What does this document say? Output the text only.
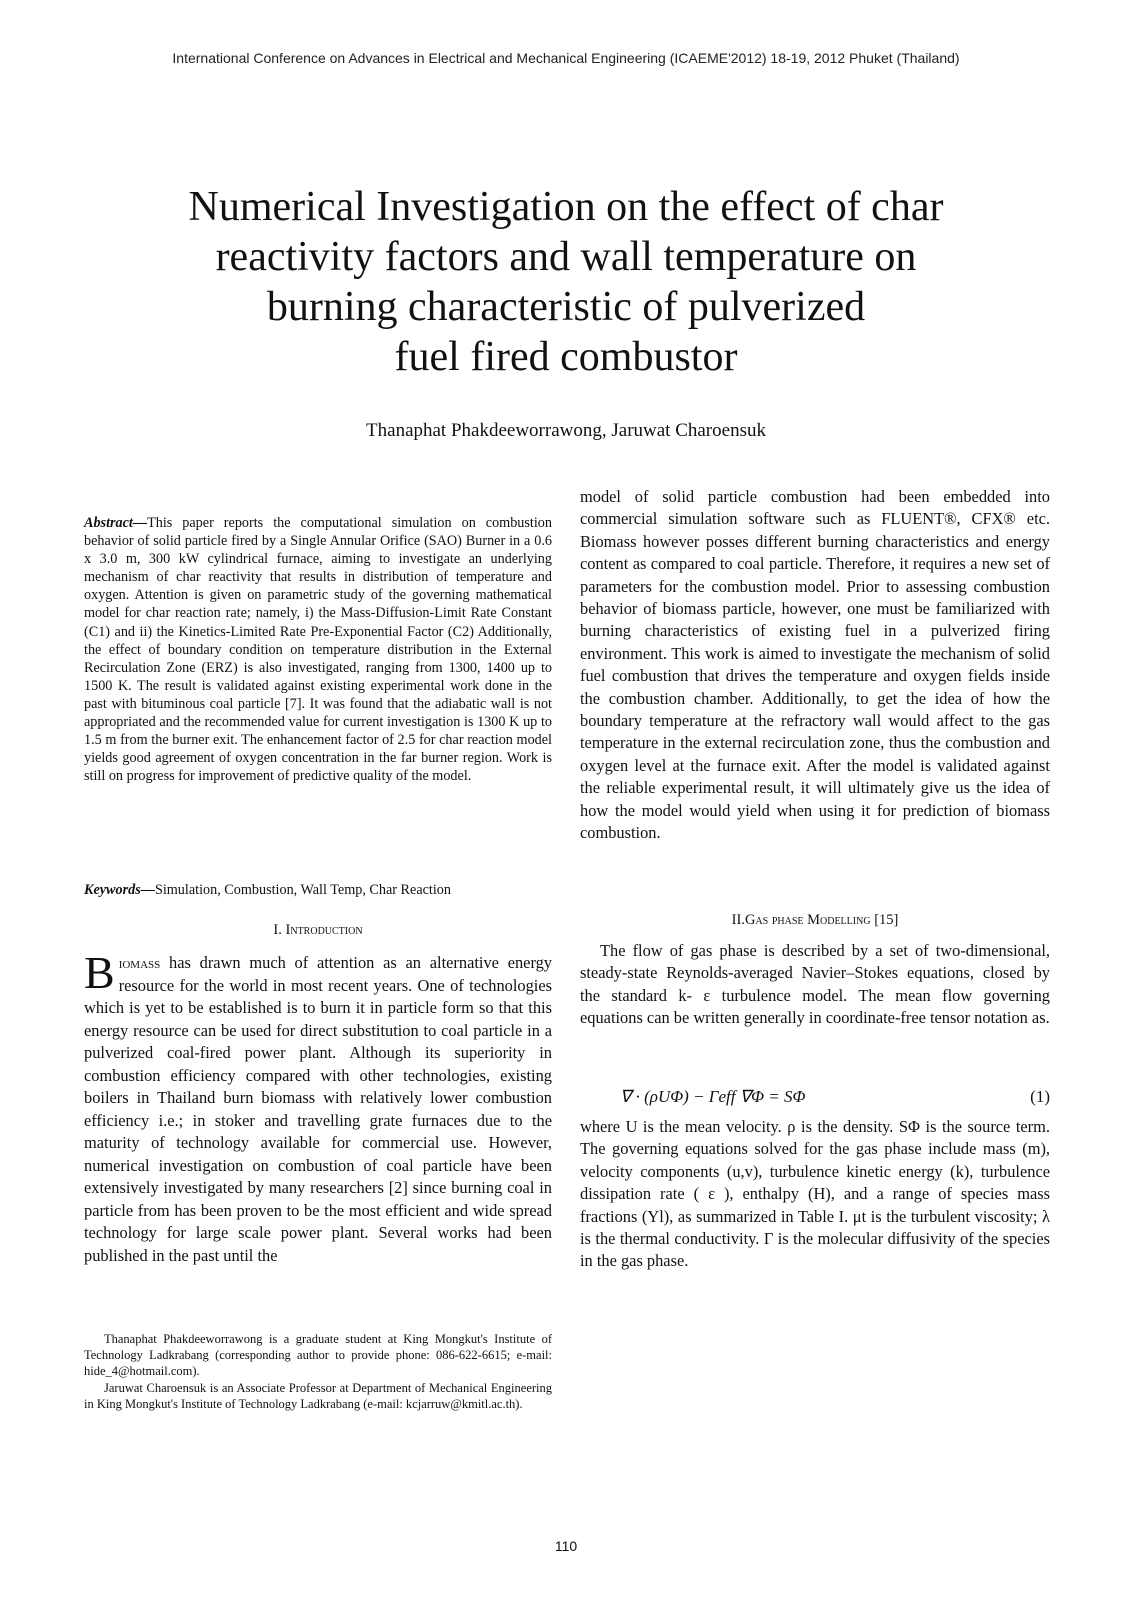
International Conference on Advances in Electrical and Mechanical Engineering (ICAEME'2012) 18-19, 2012 Phuket (Thailand)
Numerical Investigation on the effect of char
reactivity factors and wall temperature on
burning characteristic of pulverized
fuel fired combustor
Thanaphat Phakdeeworrawong, Jaruwat Charoensuk
Abstract—This paper reports the computational simulation on combustion behavior of solid particle fired by a Single Annular Orifice (SAO) Burner in a 0.6 x 3.0 m, 300 kW cylindrical furnace, aiming to investigate an underlying mechanism of char reactivity that results in distribution of temperature and oxygen. Attention is given on parametric study of the governing mathematical model for char reaction rate; namely, i) the Mass-Diffusion-Limit Rate Constant (C1) and ii) the Kinetics-Limited Rate Pre-Exponential Factor (C2) Additionally, the effect of boundary condition on temperature distribution in the External Recirculation Zone (ERZ) is also investigated, ranging from 1300, 1400 up to 1500 K. The result is validated against existing experimental work done in the past with bituminous coal particle [7]. It was found that the adiabatic wall is not appropriated and the recommended value for current investigation is 1300 K up to 1.5 m from the burner exit. The enhancement factor of 2.5 for char reaction model yields good agreement of oxygen concentration in the far burner region. Work is still on progress for improvement of predictive quality of the model.
Keywords—Simulation, Combustion, Wall Temp, Char Reaction
I. Introduction
Biomass has drawn much of attention as an alternative energy resource for the world in most recent years. One of technologies which is yet to be established is to burn it in particle form so that this energy resource can be used for direct substitution to coal particle in a pulverized coal-fired power plant. Although its superiority in combustion efficiency compared with other technologies, existing boilers in Thailand burn biomass with relatively lower combustion efficiency i.e.; in stoker and travelling grate furnaces due to the maturity of technology available for commercial use. However, numerical investigation on combustion of coal particle have been extensively investigated by many researchers [2] since burning coal in particle from has been proven to be the most efficient and wide spread technology for large scale power plant. Several works had been published in the past until the

Thanaphat Phakdeeworrawong is a graduate student at King Mongkut's Institute of Technology Ladkrabang (corresponding author to provide phone: 086-622-6615; e-mail: hide_4@hotmail.com).

Jaruwat Charoensuk is an Associate Professor at Department of Mechanical Engineering in King Mongkut's Institute of Technology Ladkrabang (e-mail: kcjarruw@kmitl.ac.th).

model of solid particle combustion had been embedded into commercial simulation software such as FLUENT®, CFX® etc. Biomass however posses different burning characteristics and energy content as compared to coal particle. Therefore, it requires a new set of parameters for the combustion model. Prior to assessing combustion behavior of biomass particle, however, one must be familiarized with burning characteristics of existing fuel in a pulverized firing environment. This work is aimed to investigate the mechanism of solid fuel combustion that drives the temperature and oxygen fields inside the combustion chamber. Additionally, to get the idea of how the boundary temperature at the refractory wall would affect to the gas temperature in the external recirculation zone, thus the combustion and oxygen level at the furnace exit. After the model is validated against the reliable experimental result, it will ultimately give us the idea of how the model would yield when using it for prediction of biomass combustion.

II.Gas phase Modelling [15]

The flow of gas phase is described by a set of two-dimensional, steady-state Reynolds-averaged Navier–Stokes equations, closed by the standard k- ε turbulence model. The mean flow governing equations can be written generally in coordinate-free tensor notation as.

∇ · (ρUΦ) − Γeff ∇Φ = SΦ	(1)

where U is the mean velocity. ρ is the density. SΦ is the source term. The governing equations solved for the gas phase include mass (m), velocity components (u,v), turbulence kinetic energy (k), turbulence dissipation rate ( ε ), enthalpy (H), and a range of species mass fractions (Yl), as summarized in Table I. μt is the turbulent viscosity; λ is the thermal conductivity. Γ is the molecular diffusivity of the species in the gas phase.

110
